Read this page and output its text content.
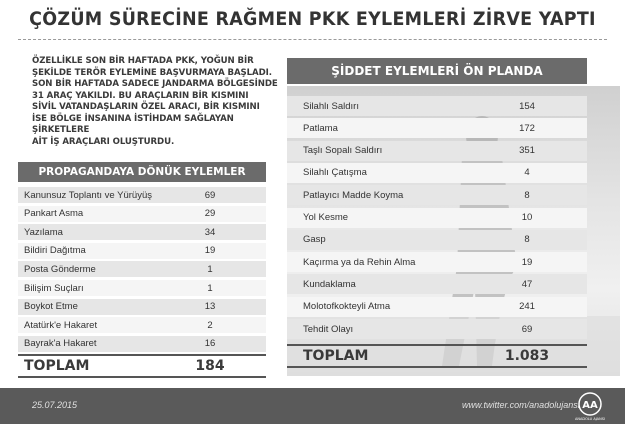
ÇÖZÜM SÜRECİNE RAĞMEN PKK EYLEMLERİ ZİRVE YAPTI
ÖZELLİKLE SON BİR HAFTADA PKK, YOĞUN BİR
ŞEKİLDE TERÖR EYLEMİNE BAŞVURMAYA BAŞLADI.
SON BİR HAFTADA SADECE JANDARMA BÖLGESİNDE
31 ARAÇ YAKILDI. BU ARAÇLARIN BİR KISMINI
SİVİL VATANDAŞLARIN ÖZEL ARACI, BİR KISMINI
İSE BÖLGE İNSANINA İSTİHDAM SAĞLAYAN ŞİRKETLERE
AİT İŞ ARAÇLARI OLUŞTURDU.
PROPAGANDAYA DÖNÜK EYLEMLER
Kanunsuz Toplantı ve Yürüyüş	69
Pankart Asma	29
Yazılama	34
Bildiri Dağıtma	19
Posta Gönderme	1
Bilişim Suçları	1
Boykot Etme	13
Atatürk'e Hakaret	2
Bayrak'a Hakaret	16
TOPLAM	184
ŞİDDET EYLEMLERİ ÖN PLANDA
Silahlı Saldırı	154
Patlama	172
Taşlı Sopalı Saldırı	351
Silahlı Çatışma	4
Patlayıcı Madde Koyma	8
Yol Kesme	10
Gasp	8
Kaçırma ya da Rehin Alma	19
Kundaklama	47
Molotofkokteyli Atma	241
Tehdit Olayı	69
TOPLAM	1.083
25.07.2015	www.twitter.com/anadolujansi AA
ANADOLU AJANSI
